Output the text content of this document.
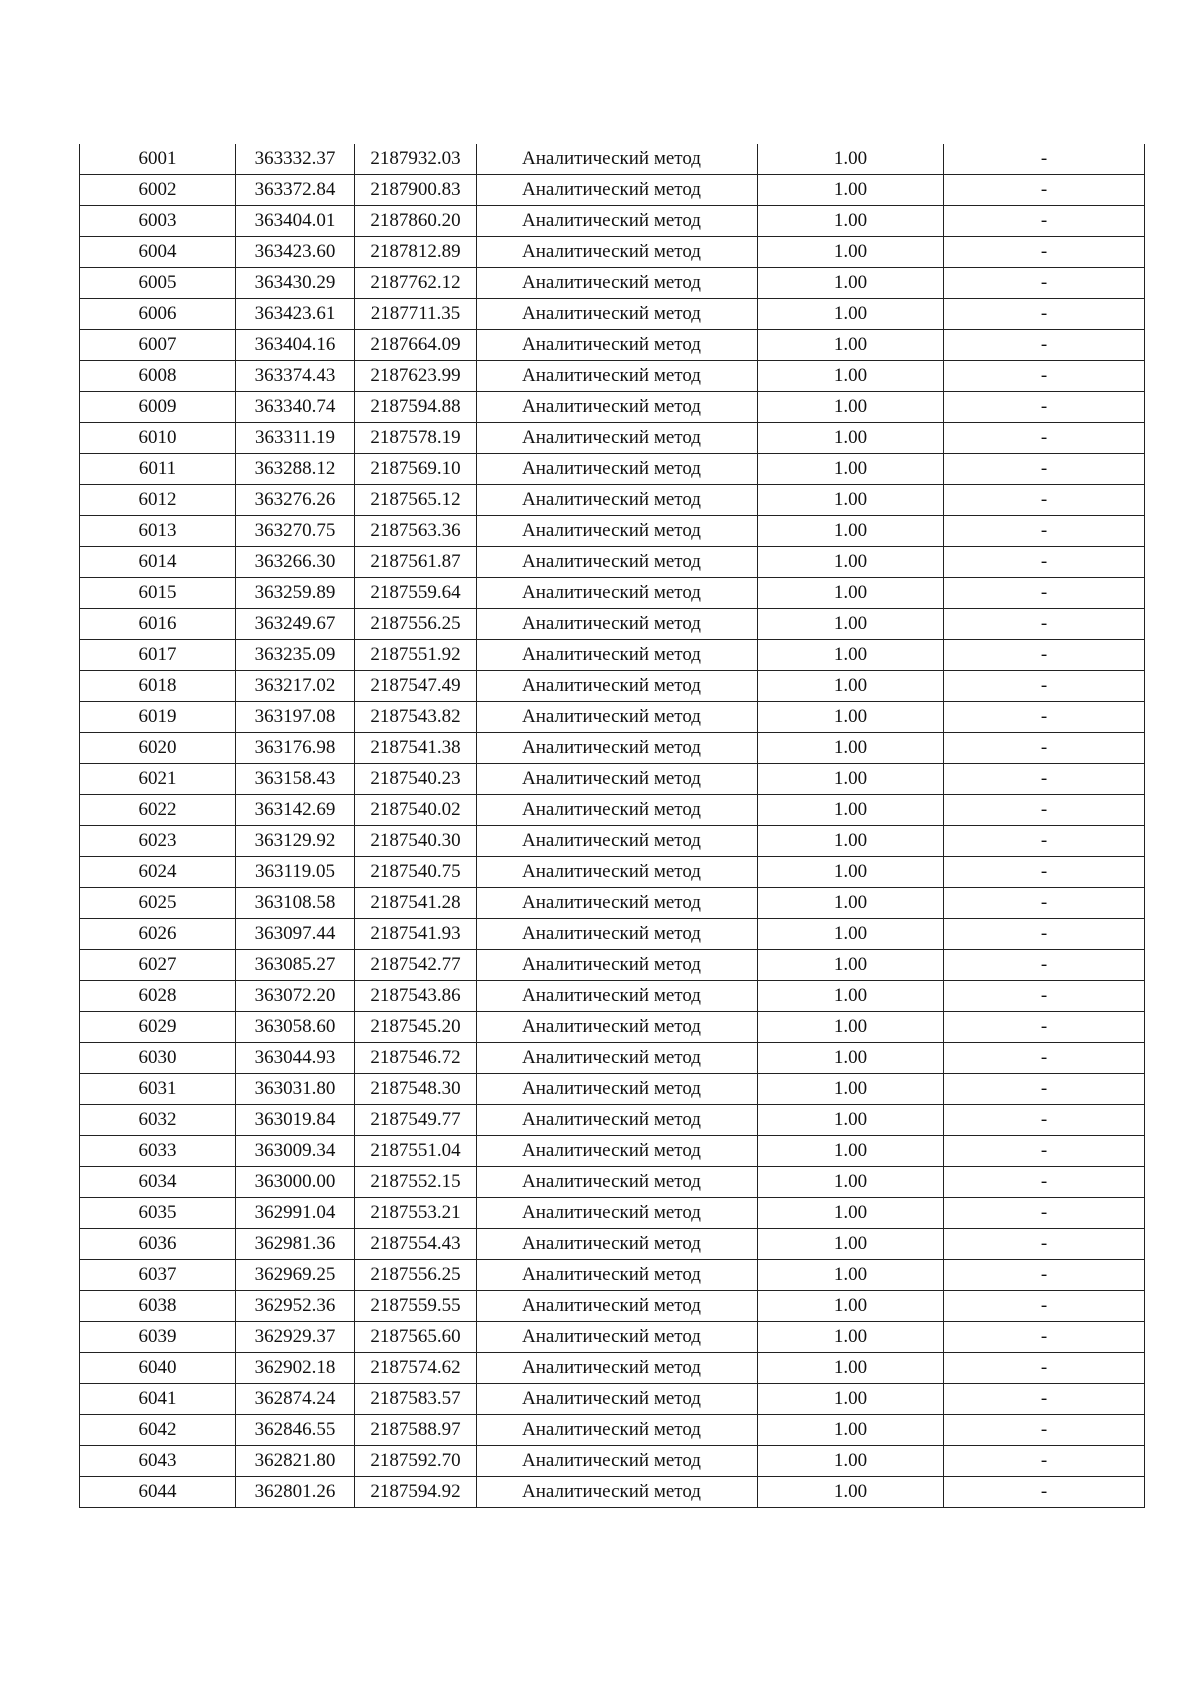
6001	363332.37	2187932.03	Аналитический метод	1.00	-
6002	363372.84	2187900.83	Аналитический метод	1.00	-
6003	363404.01	2187860.20	Аналитический метод	1.00	-
6004	363423.60	2187812.89	Аналитический метод	1.00	-
6005	363430.29	2187762.12	Аналитический метод	1.00	-
6006	363423.61	2187711.35	Аналитический метод	1.00	-
6007	363404.16	2187664.09	Аналитический метод	1.00	-
6008	363374.43	2187623.99	Аналитический метод	1.00	-
6009	363340.74	2187594.88	Аналитический метод	1.00	-
6010	363311.19	2187578.19	Аналитический метод	1.00	-
6011	363288.12	2187569.10	Аналитический метод	1.00	-
6012	363276.26	2187565.12	Аналитический метод	1.00	-
6013	363270.75	2187563.36	Аналитический метод	1.00	-
6014	363266.30	2187561.87	Аналитический метод	1.00	-
6015	363259.89	2187559.64	Аналитический метод	1.00	-
6016	363249.67	2187556.25	Аналитический метод	1.00	-
6017	363235.09	2187551.92	Аналитический метод	1.00	-
6018	363217.02	2187547.49	Аналитический метод	1.00	-
6019	363197.08	2187543.82	Аналитический метод	1.00	-
6020	363176.98	2187541.38	Аналитический метод	1.00	-
6021	363158.43	2187540.23	Аналитический метод	1.00	-
6022	363142.69	2187540.02	Аналитический метод	1.00	-
6023	363129.92	2187540.30	Аналитический метод	1.00	-
6024	363119.05	2187540.75	Аналитический метод	1.00	-
6025	363108.58	2187541.28	Аналитический метод	1.00	-
6026	363097.44	2187541.93	Аналитический метод	1.00	-
6027	363085.27	2187542.77	Аналитический метод	1.00	-
6028	363072.20	2187543.86	Аналитический метод	1.00	-
6029	363058.60	2187545.20	Аналитический метод	1.00	-
6030	363044.93	2187546.72	Аналитический метод	1.00	-
6031	363031.80	2187548.30	Аналитический метод	1.00	-
6032	363019.84	2187549.77	Аналитический метод	1.00	-
6033	363009.34	2187551.04	Аналитический метод	1.00	-
6034	363000.00	2187552.15	Аналитический метод	1.00	-
6035	362991.04	2187553.21	Аналитический метод	1.00	-
6036	362981.36	2187554.43	Аналитический метод	1.00	-
6037	362969.25	2187556.25	Аналитический метод	1.00	-
6038	362952.36	2187559.55	Аналитический метод	1.00	-
6039	362929.37	2187565.60	Аналитический метод	1.00	-
6040	362902.18	2187574.62	Аналитический метод	1.00	-
6041	362874.24	2187583.57	Аналитический метод	1.00	-
6042	362846.55	2187588.97	Аналитический метод	1.00	-
6043	362821.80	2187592.70	Аналитический метод	1.00	-
6044	362801.26	2187594.92	Аналитический метод	1.00	-
